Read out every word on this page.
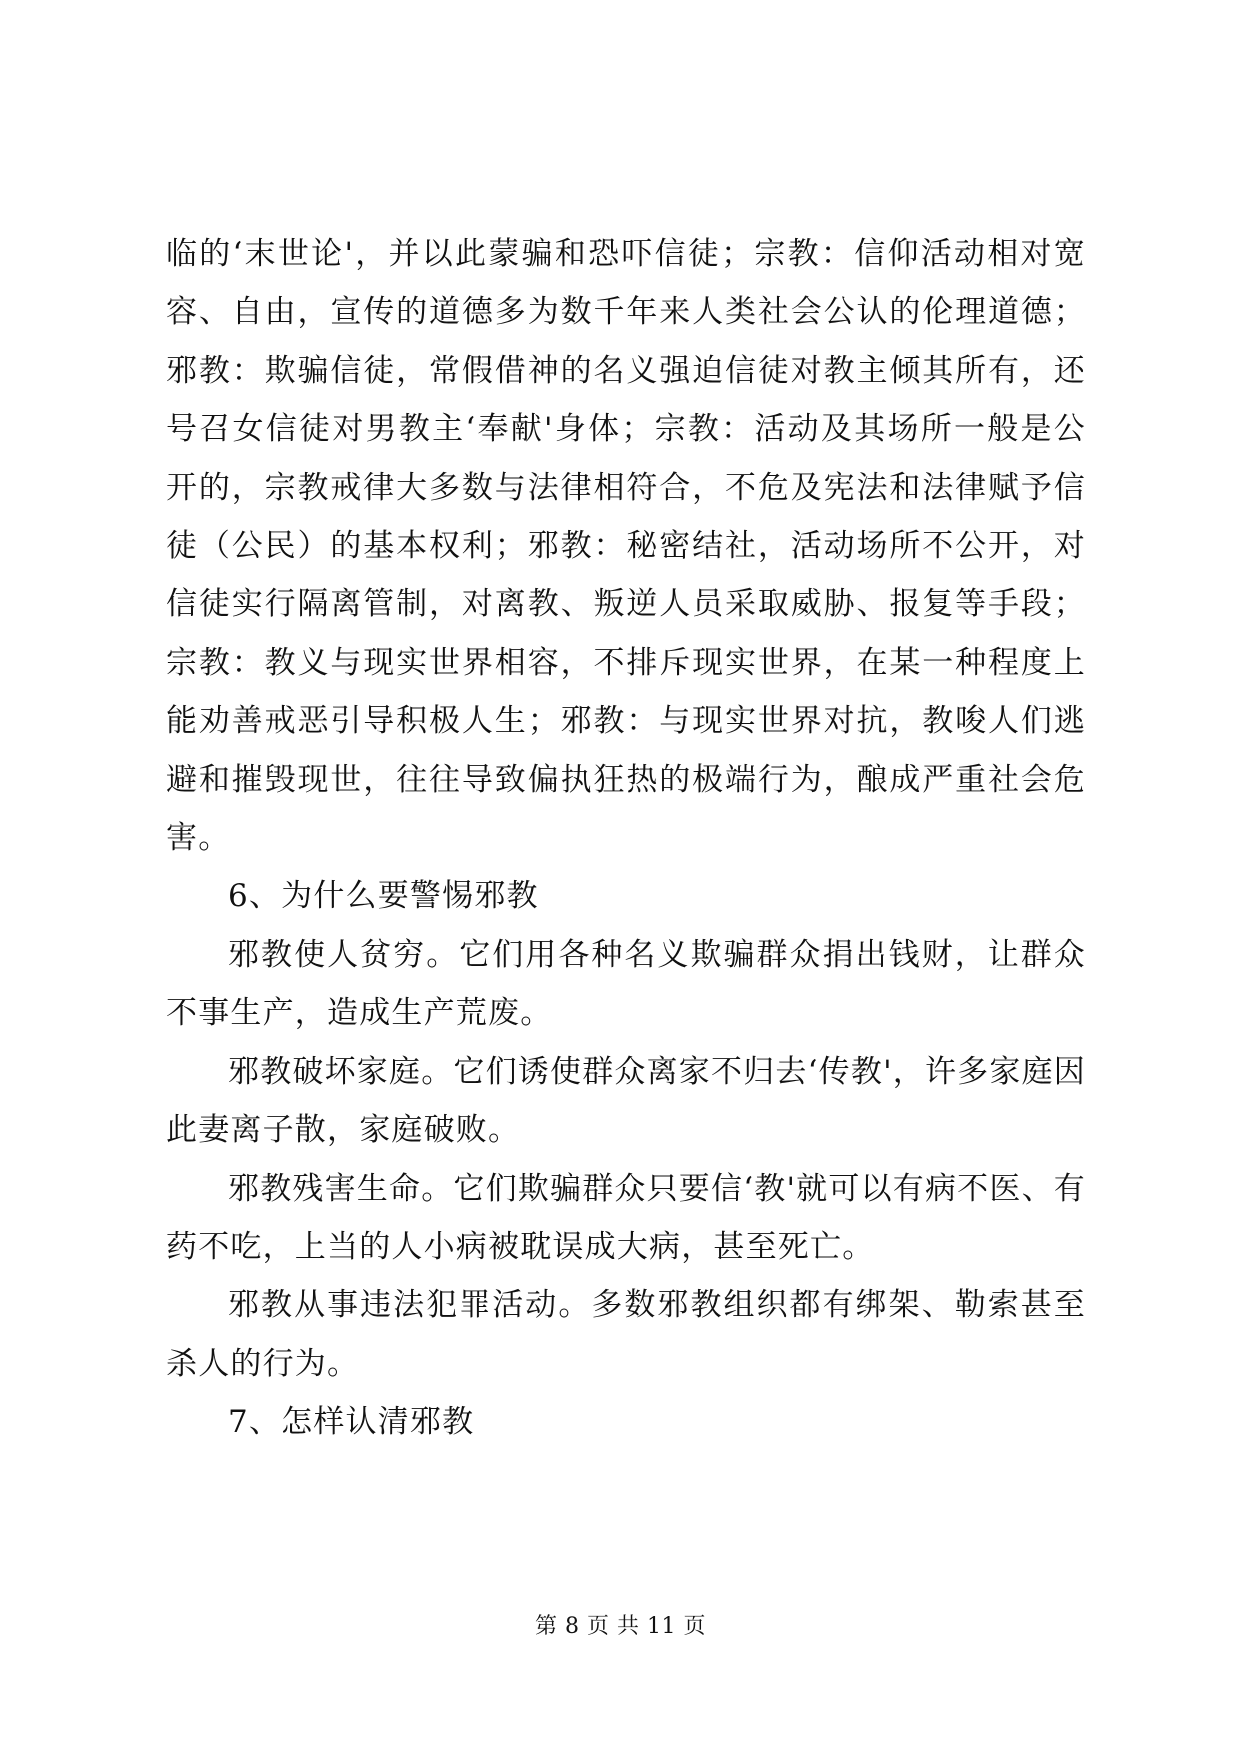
临的‘末世论'，并以此蒙骗和恐吓信徒；宗教：信仰活动相对宽容、自由，宣传的道德多为数千年来人类社会公认的伦理道德；邪教：欺骗信徒，常假借神的名义强迫信徒对教主倾其所有，还号召女信徒对男教主‘奉献'身体；宗教：活动及其场所一般是公开的，宗教戒律大多数与法律相符合，不危及宪法和法律赋予信徒（公民）的基本权利；邪教：秘密结社，活动场所不公开，对信徒实行隔离管制，对离教、叛逆人员采取威胁、报复等手段；宗教：教义与现实世界相容，不排斥现实世界，在某一种程度上能劝善戒恶引导积极人生；邪教：与现实世界对抗，教唆人们逃避和摧毁现世，往往导致偏执狂热的极端行为，酿成严重社会危害。

6、为什么要警惕邪教

邪教使人贫穷。它们用各种名义欺骗群众捐出钱财，让群众不事生产，造成生产荒废。

邪教破坏家庭。它们诱使群众离家不归去‘传教'，许多家庭因此妻离子散，家庭破败。

邪教残害生命。它们欺骗群众只要信‘教'就可以有病不医、有药不吃，上当的人小病被耽误成大病，甚至死亡。

邪教从事违法犯罪活动。多数邪教组织都有绑架、勒索甚至杀人的行为。

7、怎样认清邪教

第 8 页 共 11 页
